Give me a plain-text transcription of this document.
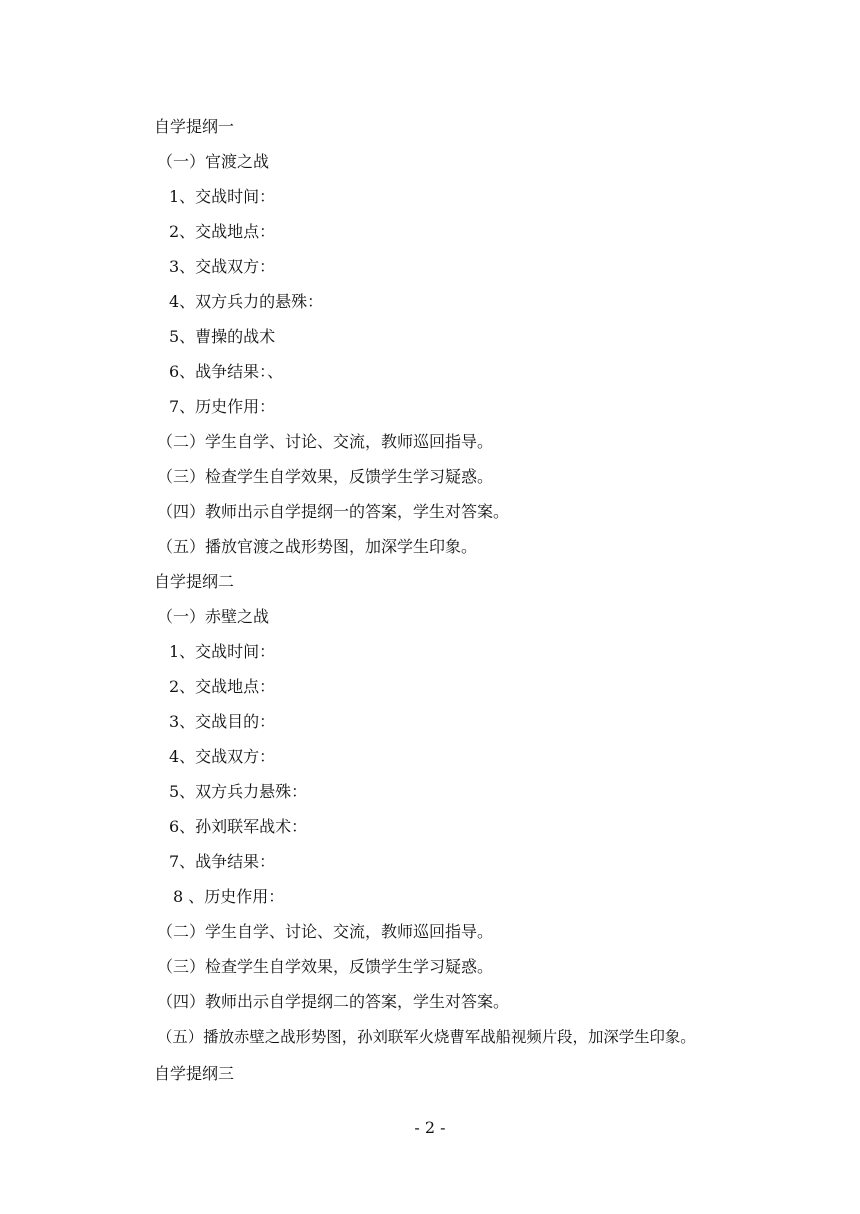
自学提纲一
（一）官渡之战
1、交战时间：
2、交战地点：
3、交战双方：
4、双方兵力的悬殊：
5、曹操的战术
6、战争结果：、
7、历史作用：
（二）学生自学、讨论、交流，教师巡回指导。
（三）检查学生自学效果，反馈学生学习疑惑。
（四）教师出示自学提纲一的答案，学生对答案。
（五）播放官渡之战形势图，加深学生印象。
自学提纲二
（一）赤壁之战
1、交战时间：
2、交战地点：
3、交战目的：
4、交战双方：
5、双方兵力悬殊：
6、孙刘联军战术：
7、战争结果：
8 、历史作用：
（二）学生自学、讨论、交流，教师巡回指导。
（三）检查学生自学效果，反馈学生学习疑惑。
（四）教师出示自学提纲二的答案，学生对答案。
（五）播放赤壁之战形势图，孙刘联军火烧曹军战船视频片段，加深学生印象。
自学提纲三
- 2 -
